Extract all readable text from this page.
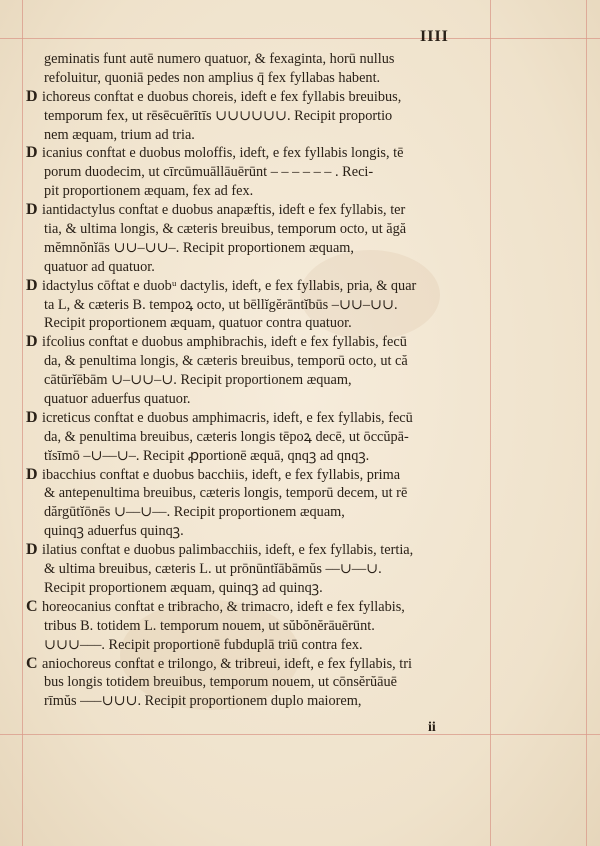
IIII
geminatis funt autē numero quatuor, & fexaginta, horū nullus
refoluitur, quoniā pedes non amplius q̄ fex fyllabas habent.
D ichoreus conftat e duobus choreis, ideft e fex fyllabis breuibus,
temporum fex, ut rēsēcuērītīs ∪∪∪∪∪∪. Recipit proportio
nem æquam, trium ad tria.
D icanius conftat e duobus moloffis, ideft, e fex fyllabis longis, tē
porum duodecim, ut cīrcūmuāllāuērūnt – – – – – – . Reci-
pit proportionem æquam, fex ad fex.
D iantidactylus conftat e duobus anapæftis, ideft e fex fyllabis, ter
tia, & ultima longis, & cæteris breuibus, temporum octo, ut ăgă
mĕmnŏnĭās ∪∪–∪∪–. Recipit proportionem æquam,
quatuor ad quatuor.
D idactylus cōftat e duobᵘ dactylis, ideft, e fex fyllabis, pria, & quar
ta L, & cæteris B. tempoꝝ octo, ut bēllĭgĕrāntĭbūs –∪∪–∪∪.
Recipit proportionem æquam, quatuor contra quatuor.
D ifcolius conftat e duobus amphibrachis, ideft e fex fyllabis, fecū
da, & penultima longis, & cæteris breuibus, temporū octo, ut că
cātūrĭēbām ∪–∪∪–∪. Recipit proportionem æquam,
quatuor aduerfus quatuor.
D icreticus conftat e duobus amphimacris, ideft, e fex fyllabis, fecū
da, & penultima breuibus, cæteris longis tēpoꝝ decē, ut ōccŭpā-
tĭsīmō –∪––∪–. Recipit ꝓportionē æquā, qnqꝫ ad qnqꝫ.
D ibacchius conftat e duobus bacchiis, ideft, e fex fyllabis, prima
& antepenultima breuibus, cæteris longis, temporū decem, ut rē
dărgūtĭōnēs ∪––∪––. Recipit proportionem æquam,
quinqꝫ aduerfus quinqꝫ.
D ilatius conftat e duobus palimbacchiis, ideft, e fex fyllabis, tertia,
& ultima breuibus, cæteris L. ut prōnūntĭābāmŭs ––∪––∪.
Recipit proportionem æquam, quinqꝫ ad quinqꝫ.
C horeocanius conftat e tribracho, & trimacro, ideft e fex fyllabis,
tribus B. totidem L. temporum nouem, ut sŭbŏnĕrāuērūnt.
∪∪∪–––. Recipit proportionē fubduplā triū contra fex.
C aniochoreus conftat e trilongo, & tribreui, ideft, e fex fyllabis, tri
bus longis totidem breuibus, temporum nouem, ut cōnsĕrŭāuē
rīmŭs –––∪∪∪. Recipit proportionem duplo maiorem,
ii
